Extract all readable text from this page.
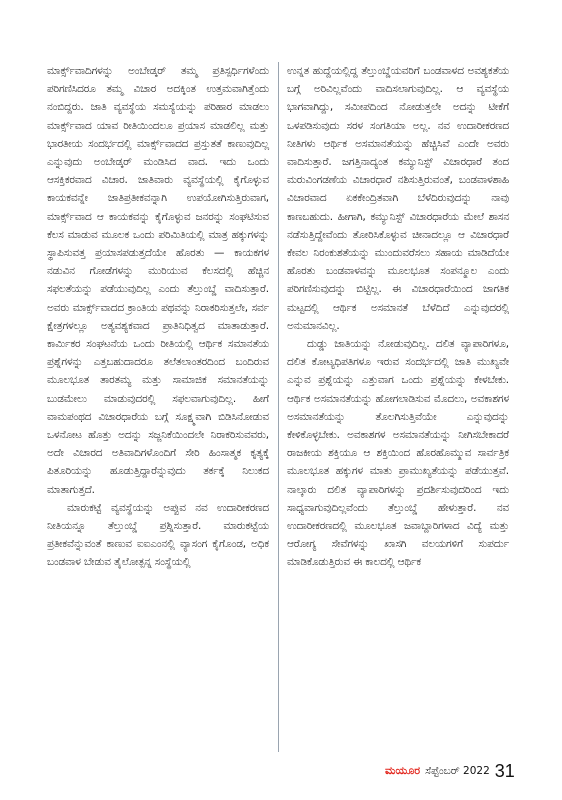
ಮಾರ್ಕ್ಸ್‌ವಾದಿಗಳನ್ನು ಅಂಬೇಡ್ಕರ್ ತಮ್ಮ ಪ್ರತಿಸ್ಪರ್ಧಿಗಳೆಂದು ಪರಿಗಣಿಸಿದರೂ ತಮ್ಮ ವಿಚಾರ ಅದಕ್ಕಿಂತ ಉತ್ತಮವಾಗಿತ್ತೆಂದು ನಂಬಿದ್ದರು. ಜಾತಿ ವ್ಯವಸ್ಥೆಯ ಸಮಸ್ಯೆಯನ್ನು ಪರಿಹಾರ ಮಾಡಲು ಮಾರ್ಕ್ಸ್‌ವಾದ ಯಾವ ರೀತಿಯಿಂದಲೂ ಪ್ರಯಾಸ ಮಾಡಲಿಲ್ಲ ಮತ್ತು ಭಾರತೀಯ ಸಂದರ್ಭದಲ್ಲಿ ಮಾರ್ಕ್ಸ್‌ವಾದದ ಪ್ರಸ್ತುತತೆ ಕಾಣುವುದಿಲ್ಲ ಎನ್ನುವುದು ಅಂಬೇಡ್ಕರ್ ಮಂಡಿಸಿದ ವಾದ. ಇದು ಒಂದು ಆಸಕ್ತಿಕರವಾದ ವಿಚಾರ. ಜಾತಿವಾರು ವ್ಯವಸ್ಥೆಯಲ್ಲಿ ಕೈಗೊಳ್ಳುವ ಕಾಯಕವನ್ನೇ ಜಾತಿಪ್ರತೀಕವನ್ನಾಗಿ ಉಪಯೋಗಿಸುತ್ತಿರುವಾಗ, ಮಾರ್ಕ್ಸ್‌ವಾದ ಆ ಕಾಯಕವನ್ನು ಕೈಗೊಳ್ಳುವ ಜನರನ್ನು ಸಂಘಟಿಸುವ ಕೆಲಸ ಮಾಡುವ ಮೂಲಕ ಒಂದು ಪರಿಮಿತಿಯಲ್ಲಿ ಮಾತ್ರ ಹಕ್ಕುಗಳನ್ನು ಸ್ಥಾಪಿಸುವತ್ತ ಪ್ರಯಾಸಪಡುತ್ತದೆಯೇ ಹೊರತು — ಕಾಯಕಗಳ ನಡುವಿನ ಗೋಡೆಗಳನ್ನು ಮುರಿಯುವ ಕೆಲಸದಲ್ಲಿ ಹೆಚ್ಚಿನ ಸಫಲತೆಯನ್ನು ಪಡೆಯುವುದಿಲ್ಲ ಎಂದು ತೆಲ್ತುಂಬ್ಡೆ ವಾದಿಸುತ್ತಾರೆ. ಅವರು ಮಾರ್ಕ್ಸ್‌ವಾದದ ಕ್ರಾಂತಿಯ ಪಥವನ್ನು ನಿರಾಕರಿಸುತ್ತಲೇ, ಸರ್ವ ಕ್ಷೇತ್ರಗಳಲ್ಲೂ ಅತ್ಯವಶ್ಯಕವಾದ ಪ್ರಾತಿನಿಧಿತ್ವದ ಮಾತಾಡುತ್ತಾರೆ. ಕಾರ್ಮಿಕರ ಸಂಘಟನೆಯ ಒಂದು ರೀತಿಯಲ್ಲಿ ಆರ್ಥಿಕ ಸಮಾನತೆಯ ಪ್ರಶ್ನೆಗಳನ್ನು ಎತ್ತಬಹುದಾದರೂ ತಲೆತಲಾಂತರದಿಂದ ಬಂದಿರುವ ಮೂಲಭೂತ ತಾರತಮ್ಯ ಮತ್ತು ಸಾಮಾಜಿಕ ಸಮಾನತೆಯನ್ನು ಬುಡಮೇಲು ಮಾಡುವುದರಲ್ಲಿ ಸಫಲವಾಗುವುದಿಲ್ಲ. ಹೀಗೆ ವಾಮಪಂಥದ ವಿಚಾರಧಾರೆಯ ಬಗ್ಗೆ ಸೂಕ್ಷ್ಮವಾಗಿ ಬಿಡಿಸಿನೋಡುವ ಒಳನೋಟ ಹೊತ್ತು ಅದನ್ನು ಸಜ್ಜನಿಕೆಯಿಂದಲೇ ನಿರಾಕರಿಸುವವರು, ಅದೇ ವಿಚಾರದ ಅತಿವಾದಿಗಳೊಂದಿಗೆ ಸೇರಿ ಹಿಂಸಾತ್ಮಕ ಕೃತ್ಯಕ್ಕೆ ಪಿತೂರಿಯನ್ನು ಹೂಡುತ್ತಿದ್ದಾರೆನ್ನುವುದು ತರ್ಕಕ್ಕೆ ನಿಲುಕದ ಮಾತಾಗುತ್ತದೆ.

ಮಾರುಕಟ್ಟೆ ವ್ಯವಸ್ಥೆಯನ್ನು ಅಪ್ಪುವ ನವ ಉದಾರೀಕರಣದ ನೀತಿಯನ್ನೂ ತೆಲ್ತುಂಬ್ಡೆ ಪ್ರಶ್ನಿಸುತ್ತಾರೆ. ಮಾರುಕಟ್ಟೆಯ ಪ್ರತೀಕವೆನ್ನುವಂತೆ ಕಾಣುವ ಐಐಎಂನಲ್ಲಿ ವ್ಯಾಸಂಗ ಕೈಗೊಂಡ, ಅಧಿಕ ಬಂಡವಾಳ ಬೇಡುವ ತೈಲೋತ್ಪನ್ನ ಸಂಸ್ಥೆಯಲ್ಲಿ

ಉನ್ನತ ಹುದ್ದೆಯಲ್ಲಿದ್ದ ತೆಲ್ತುಂಬ್ಡೆಯವರಿಗೆ ಬಂಡವಾಳದ ಅವಶ್ಯಕತೆಯ ಬಗ್ಗೆ ಅರಿವಿಲ್ಲವೆಂದು ವಾದಿಸಲಾಗುವುದಿಲ್ಲ. ಆ ವ್ಯವಸ್ಥೆಯ ಭಾಗವಾಗಿದ್ದು, ಸಮೀಪದಿಂದ ನೋಡುತ್ತಲೇ ಅದನ್ನು ಟೀಕೆಗೆ ಒಳಪಡಿಸುವುದು ಸರಳ ಸಂಗತಿಯಾ ಅಲ್ಲ. ನವ ಉದಾರೀಕರಣದ ನೀತಿಗಳು ಆರ್ಥಿಕ ಅಸಮಾನತೆಯನ್ನು ಹೆಚ್ಚಿಸಿವೆ ಎಂದೇ ಅವರು ವಾದಿಸುತ್ತಾರೆ. ಜಗತ್ತಿನಾದ್ಯಂತ ಕಮ್ಯುನಿಸ್ಟ್ ವಿಚಾರಧಾರೆ ತಂದ ಮರುವಿಂಗಡಣೆಯ ವಿಚಾರಧಾರೆ ನಶಿಸುತ್ತಿರುವಂತೆ, ಬಂಡವಾಳಶಾಹಿ ವಿಚಾರವಾದ ಏಕಕೇಂದ್ರಿತವಾಗಿ ಬೆಳೆದಿರುವುದನ್ನು ನಾವು ಕಾಣಬಹುದು. ಹೀಗಾಗಿ, ಕಮ್ಯುನಿಸ್ಟ್ ವಿಚಾರಧಾರೆಯ ಮೇಲೆ ಶಾಸನ ನಡೆಸುತ್ತಿದ್ದೇವೆಂದು ತೋರಿಸಿಕೊಳ್ಳುವ ಚೀನಾದಲ್ಲೂ ಆ ವಿಚಾರಧಾರೆ ಕೇವಲ ನಿರಂಕುಶತೆಯನ್ನು ಮುಂದುವರೆಸಲು ಸಹಾಯ ಮಾಡಿದೆಯೇ ಹೊರತು ಬಂಡವಾಳವನ್ನು ಮೂಲಭೂತ ಸಂಪನ್ಮೂಲ ಎಂದು ಪರಿಗಣಿಸುವುದನ್ನು ಬಿಟ್ಟಿಲ್ಲ. ಈ ವಿಚಾರಧಾರೆಯಿಂದ ಜಾಗತಿಕ ಮಟ್ಟದಲ್ಲಿ ಆರ್ಥಿಕ ಅಸಮಾನತೆ ಬೆಳೆದಿದೆ ಎನ್ನುವುದರಲ್ಲಿ ಅನುಮಾನವಿಲ್ಲ.

ದುಡ್ಡು ಜಾತಿಯನ್ನು ನೋಡುವುದಿಲ್ಲ. ದಲಿತ ವ್ಯಾಪಾರಿಗಳೂ, ದಲಿತ ಕೋಟ್ಯಧಿಪತಿಗಳೂ ಇರುವ ಸಂದರ್ಭದಲ್ಲಿ ಜಾತಿ ಮುಖ್ಯವೇ ಎನ್ನುವ ಪ್ರಶ್ನೆಯನ್ನು ಎತ್ತುವಾಗ ಒಂದು ಪ್ರಶ್ನೆಯನ್ನು ಕೇಳಬೇಕು. ಆರ್ಥಿಕ ಅಸಮಾನತೆಯನ್ನು ಹೋಗಲಾಡಿಸುವ ಮೊದಲು, ಅವಕಾಶಗಳ ಅಸಮಾನತೆಯನ್ನು ತೊಲಗಿಸುತ್ತಿವೆಯೇ ಎನ್ನುವುದನ್ನು ಕೇಳಿಕೊಳ್ಳಬೇಕು. ಅವಕಾಶಗಳ ಅಸಮಾನತೆಯನ್ನು ನೀಗಿಸಬೇಕಾದರೆ ರಾಜಕೀಯ ಶಕ್ತಿಯೂ ಆ ಶಕ್ತಿಯಿಂದ ಹೊರಹೊಮ್ಮುವ ಸಾರ್ವತ್ರಿಕ ಮೂಲಭೂತ ಹಕ್ಕುಗಳ ಮಾತು ಪ್ರಾಮುಖ್ಯತೆಯನ್ನು ಪಡೆಯುತ್ತವೆ. ನಾಲ್ಕಾರು ದಲಿತ ವ್ಯಾಪಾರಿಗಳನ್ನು ಪ್ರದರ್ಶಿಸುವುದರಿಂದ ಇದು ಸಾಧ್ಯವಾಗುವುದಿಲ್ಲವೆಂದು ತೆಲ್ತುಂಬ್ಡೆ ಹೇಳುತ್ತಾರೆ. ನವ ಉದಾರೀಕರಣದಲ್ಲಿ ಮೂಲಭೂತ ಜವಾಬ್ದಾರಿಗಳಾದ ವಿದ್ಯೆ ಮತ್ತು ಆರೋಗ್ಯ ಸೇವೆಗಳನ್ನು ಖಾಸಗಿ ವಲಯಗಳಿಗೆ ಸುಪರ್ದು ಮಾಡಿಕೊಡುತ್ತಿರುವ ಈ ಕಾಲದಲ್ಲಿ ಆರ್ಥಿಕ

ಮಯೂರ ಸೆಪ್ಟೆಂಬರ್ 2022 31
